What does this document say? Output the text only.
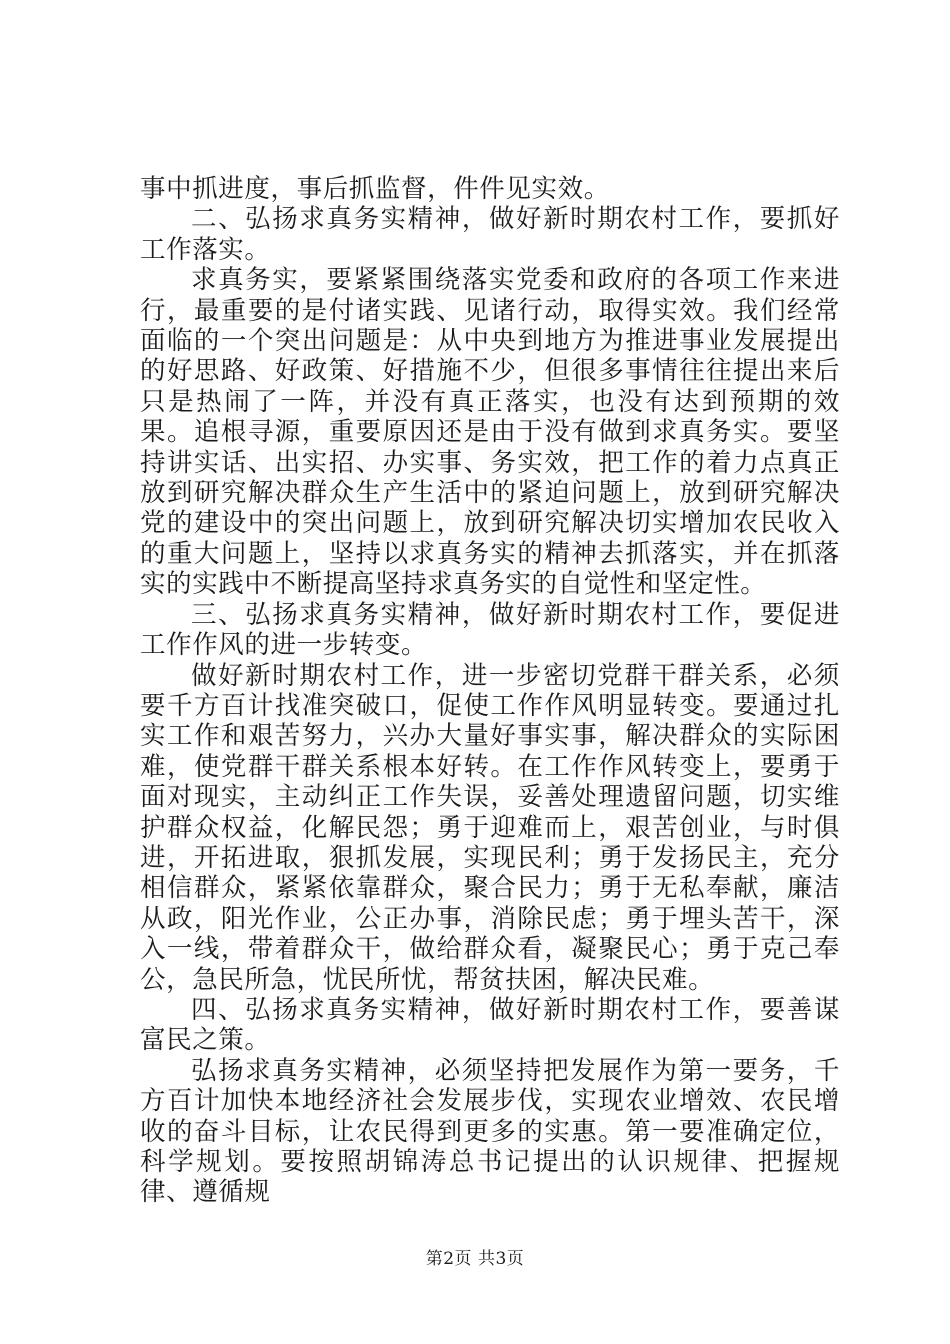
事中抓进度，事后抓监督，件件见实效。

二、弘扬求真务实精神，做好新时期农村工作，要抓好工作落实。

求真务实，要紧紧围绕落实党委和政府的各项工作来进行，最重要的是付诸实践、见诸行动，取得实效。我们经常面临的一个突出问题是：从中央到地方为推进事业发展提出的好思路、好政策、好措施不少，但很多事情往往提出来后只是热闹了一阵，并没有真正落实，也没有达到预期的效果。追根寻源，重要原因还是由于没有做到求真务实。要坚持讲实话、出实招、办实事、务实效，把工作的着力点真正放到研究解决群众生产生活中的紧迫问题上，放到研究解决党的建设中的突出问题上，放到研究解决切实增加农民收入的重大问题上，坚持以求真务实的精神去抓落实，并在抓落实的实践中不断提高坚持求真务实的自觉性和坚定性。

三、弘扬求真务实精神，做好新时期农村工作，要促进工作作风的进一步转变。

做好新时期农村工作，进一步密切党群干群关系，必须要千方百计找准突破口，促使工作作风明显转变。要通过扎实工作和艰苦努力，兴办大量好事实事，解决群众的实际困难，使党群干群关系根本好转。在工作作风转变上，要勇于面对现实，主动纠正工作失误，妥善处理遗留问题，切实维护群众权益，化解民怨；勇于迎难而上，艰苦创业，与时俱进，开拓进取，狠抓发展，实现民利；勇于发扬民主，充分相信群众，紧紧依靠群众，聚合民力；勇于无私奉献，廉洁从政，阳光作业，公正办事，消除民虑；勇于埋头苦干，深入一线，带着群众干，做给群众看，凝聚民心；勇于克己奉公，急民所急，忧民所忧，帮贫扶困，解决民难。

四、弘扬求真务实精神，做好新时期农村工作，要善谋富民之策。

弘扬求真务实精神，必须坚持把发展作为第一要务，千方百计加快本地经济社会发展步伐，实现农业增效、农民增收的奋斗目标，让农民得到更多的实惠。第一要准确定位，科学规划。要按照胡锦涛总书记提出的认识规律、把握规律、遵循规

第2页 共3页
